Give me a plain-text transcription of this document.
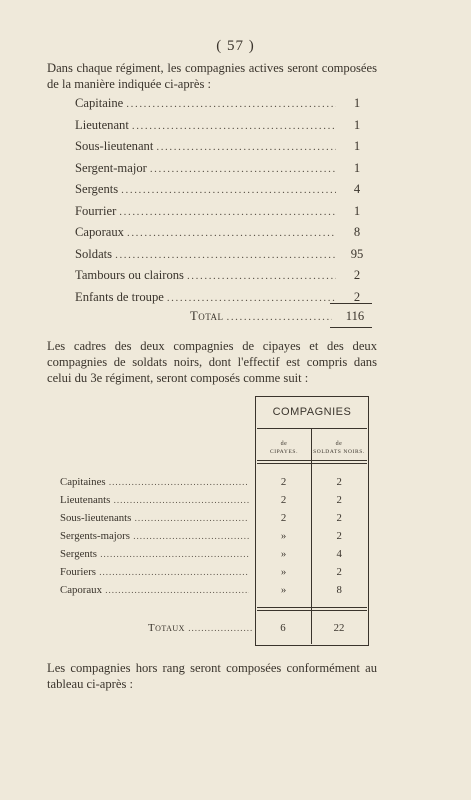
( 57 )

Dans chaque régiment, les compagnies actives seront composées de la manière indiquée ci-après :

Capitaine .....	1
Lieutenant .....	1
Sous-lieutenant .....	1
Sergent-major .....	1
Sergents .....	4
Fourrier .....	1
Caporaux .....	8
Soldats .....	95
Tambours ou clairons .....	2
Enfants de troupe .....	2
Total .....	116

Les cadres des deux compagnies de cipayes et des deux compagnies de soldats noirs, dont l'effectif est compris dans celui du 3e régiment, seront composés comme suit :

COMPAGNIES
de
CIPAYES.
de
SOLDATS NOIRS.
Capitaines .....	2	2
Lieutenants .....	2	2
Sous-lieutenants .....	2	2
Sergents-majors .....	»	2
Sergents .....	»	4
Fouriers .....	»	2
Caporaux .....	»	8
Totaux .....	6	22

Les compagnies hors rang seront composées conformément au tableau ci-après :
